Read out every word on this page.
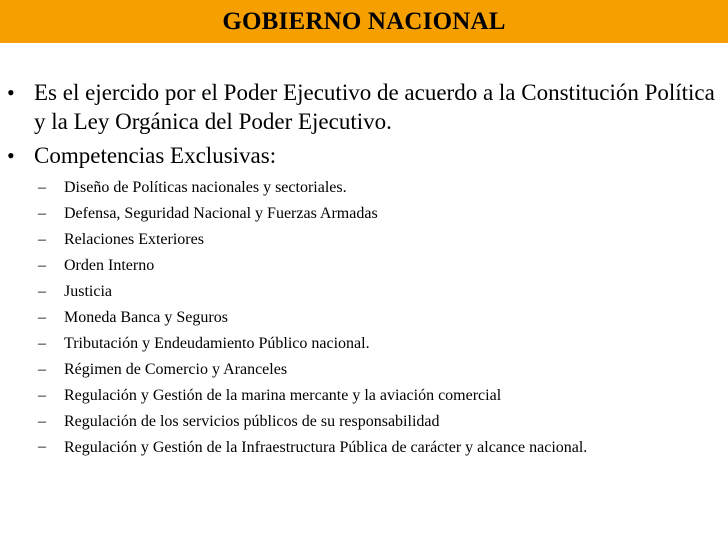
GOBIERNO NACIONAL
• Es el ejercido por el Poder Ejecutivo de acuerdo a la Constitución Política y la Ley Orgánica del Poder Ejecutivo.
• Competencias Exclusivas:
– Diseño de Políticas nacionales y sectoriales.
– Defensa, Seguridad Nacional y Fuerzas Armadas
– Relaciones Exteriores
– Orden Interno
– Justicia
– Moneda Banca y Seguros
– Tributación y Endeudamiento Público nacional.
– Régimen de Comercio y Aranceles
– Regulación y Gestión de la marina mercante y la aviación comercial
– Regulación de los servicios públicos de su responsabilidad
– Regulación y Gestión de la Infraestructura Pública de carácter y alcance nacional.
